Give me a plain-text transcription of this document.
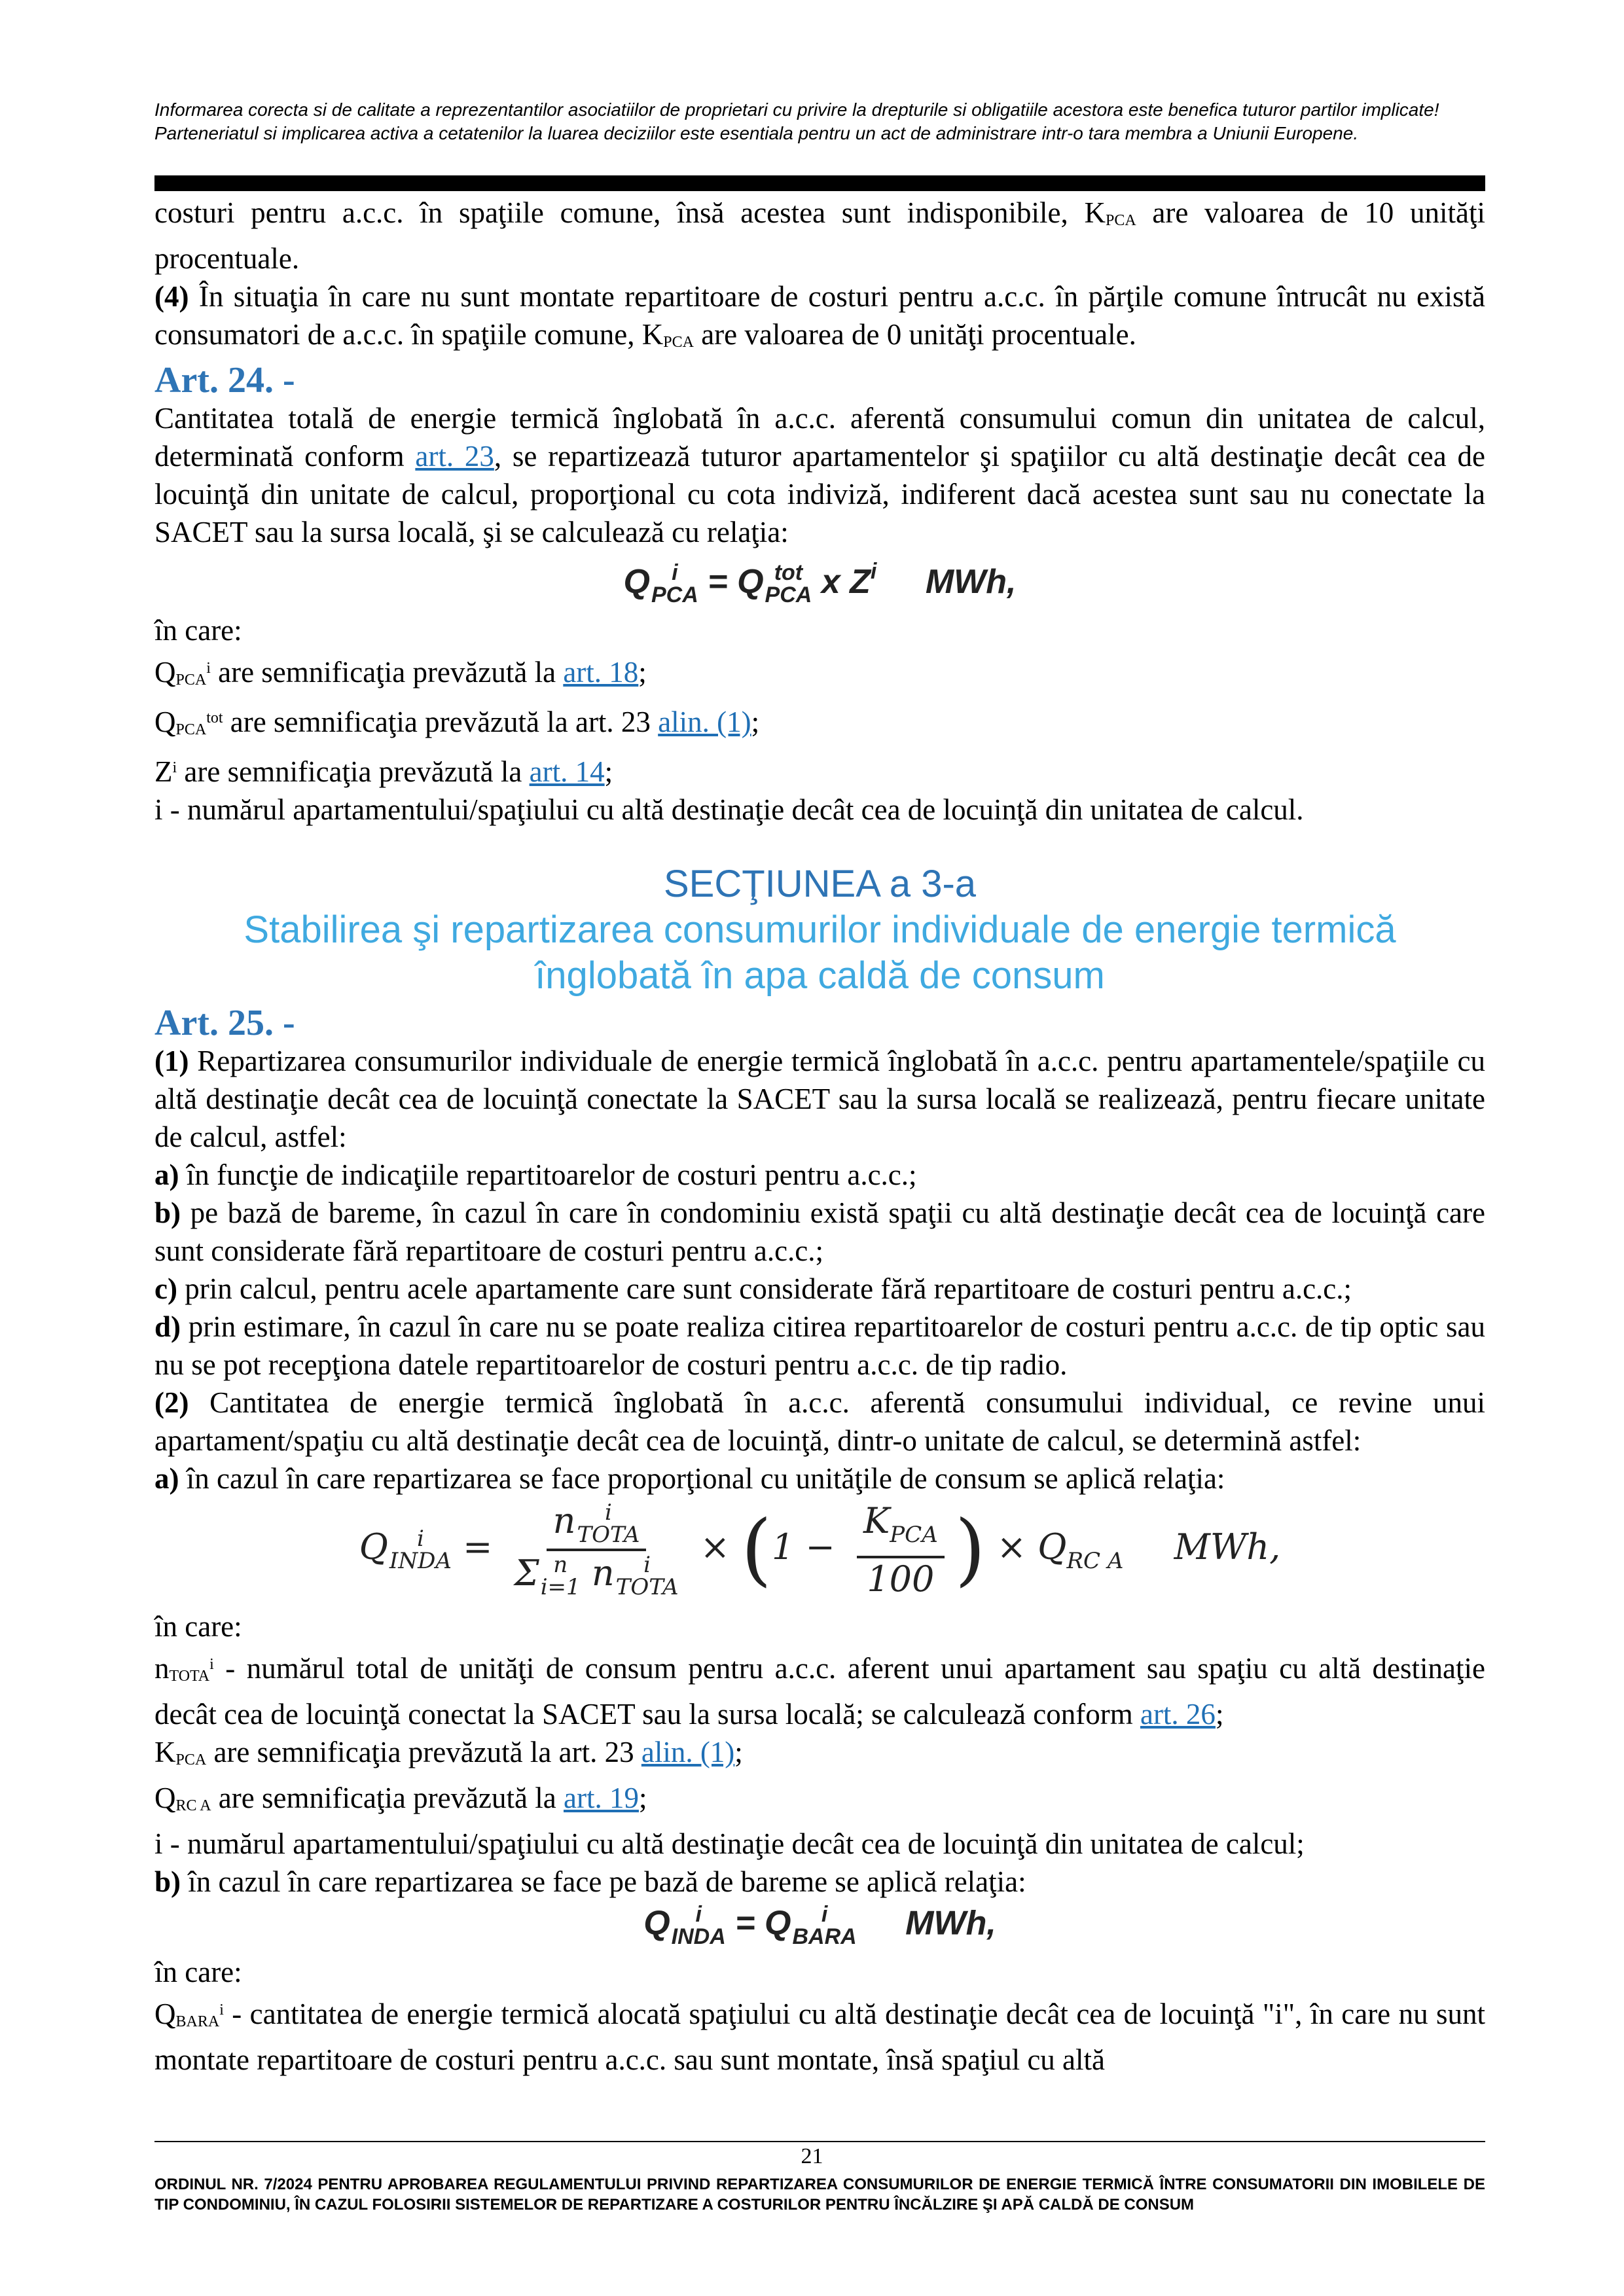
Informarea corecta si de calitate a reprezentantilor asociatiilor de proprietari cu privire la drepturile si obligatiile acestora este benefica tuturor partilor implicate! Parteneriatul si implicarea activa a cetatenilor la luarea deciziilor este esentiala pentru un act de administrare intr-o tara membra a Uniunii Europene.

costuri pentru a.c.c. în spaţiile comune, însă acestea sunt indisponibile, $K_{PCA}$ are valoarea de 10 unităţi procentuale.

(4) În situaţia în care nu sunt montate repartitoare de costuri pentru a.c.c. în părţile comune întrucât nu există consumatori de a.c.c. în spaţiile comune, $K_{PCA}$ are valoarea de 0 unităţi procentuale.

Art. 24. -

Cantitatea totală de energie termică înglobată în a.c.c. aferentă consumului comun din unitatea de calcul, determinată conform art. 23, se repartizează tuturor apartamentelor şi spaţiilor cu altă destinaţie decât cea de locuinţă din unitate de calcul, proporţional cu cota indiviză, indiferent dacă acestea sunt sau nu conectate la SACET sau la sursa locală, şi se calculează cu relaţia:

Q i
PCA = Q tot
PCA x $Z^i$ MWh,

în care:

$Q_{PCA}^i$ are semnificaţia prevăzută la art. 18;

$Q_{PCA}^{tot}$ are semnificaţia prevăzută la art. 23 alin. (1);

$Z^i$ are semnificaţia prevăzută la art. 14;

i - numărul apartamentului/spaţiului cu altă destinaţie decât cea de locuinţă din unitatea de calcul.

SECŢIUNEA a 3-a

Stabilirea şi repartizarea consumurilor individuale de energie termică

înglobată în apa caldă de consum

Art. 25. -

(1) Repartizarea consumurilor individuale de energie termică înglobată în a.c.c. pentru apartamentele/spaţiile cu altă destinaţie decât cea de locuinţă conectate la SACET sau la sursa locală se realizează, pentru fiecare unitate de calcul, astfel:

a) în funcţie de indicaţiile repartitoarelor de costuri pentru a.c.c.;

b) pe bază de bareme, în cazul în care în condominiu există spaţii cu altă destinaţie decât cea de locuinţă care sunt considerate fără repartitoare de costuri pentru a.c.c.;

c) prin calcul, pentru acele apartamente care sunt considerate fără repartitoare de costuri pentru a.c.c.;

d) prin estimare, în cazul în care nu se poate realiza citirea repartitoarelor de costuri pentru a.c.c. de tip optic sau nu se pot recepţiona datele repartitoarelor de costuri pentru a.c.c. de tip radio.

(2) Cantitatea de energie termică înglobată în a.c.c. aferentă consumului individual, ce revine unui apartament/spaţiu cu altă destinaţie decât cea de locuinţă, dintr-o unitate de calcul, se determină astfel:

a) în cazul în care repartizarea se face proporţional cu unităţile de consum se aplică relaţia:

Q	i
INDA = n	i
TOTA
Σ n
i=1 n	i
TOTA × ($1 - \frac{K_{PCA}}{100}$ ) × $Q_{RC A}$ MWh,

în care:

$n_{TOTA}^i$ - numărul total de unităţi de consum pentru a.c.c. aferent unui apartament sau spaţiu cu altă destinaţie decât cea de locuinţă conectat la SACET sau la sursa locală; se calculează conform art. 26;

$K_{PCA}$ are semnificaţia prevăzută la art. 23 alin. (1);

$Q_{RC A}$ are semnificaţia prevăzută la art. 19;

i - numărul apartamentului/spaţiului cu altă destinaţie decât cea de locuinţă din unitatea de calcul;

b) în cazul în care repartizarea se face pe bază de bareme se aplică relaţia:

Q	i
INDA = Q	i
BARA MWh,

în care:

$Q_{BARA}^i$ - cantitatea de energie termică alocată spaţiului cu altă destinaţie decât cea de locuinţă "i", în care nu sunt montate repartitoare de costuri pentru a.c.c. sau sunt montate, însă spaţiul cu altă

21
ORDINUL NR. 7/2024 PENTRU APROBAREA REGULAMENTULUI PRIVIND REPARTIZAREA CONSUMURILOR DE ENERGIE TERMICĂ ÎNTRE CONSUMATORII DIN IMOBILELE DE TIP CONDOMINIU, ÎN CAZUL FOLOSIRII SISTEMELOR DE REPARTIZARE A COSTURILOR PENTRU ÎNCĂLZIRE ŞI APĂ CALDĂ DE CONSUM
